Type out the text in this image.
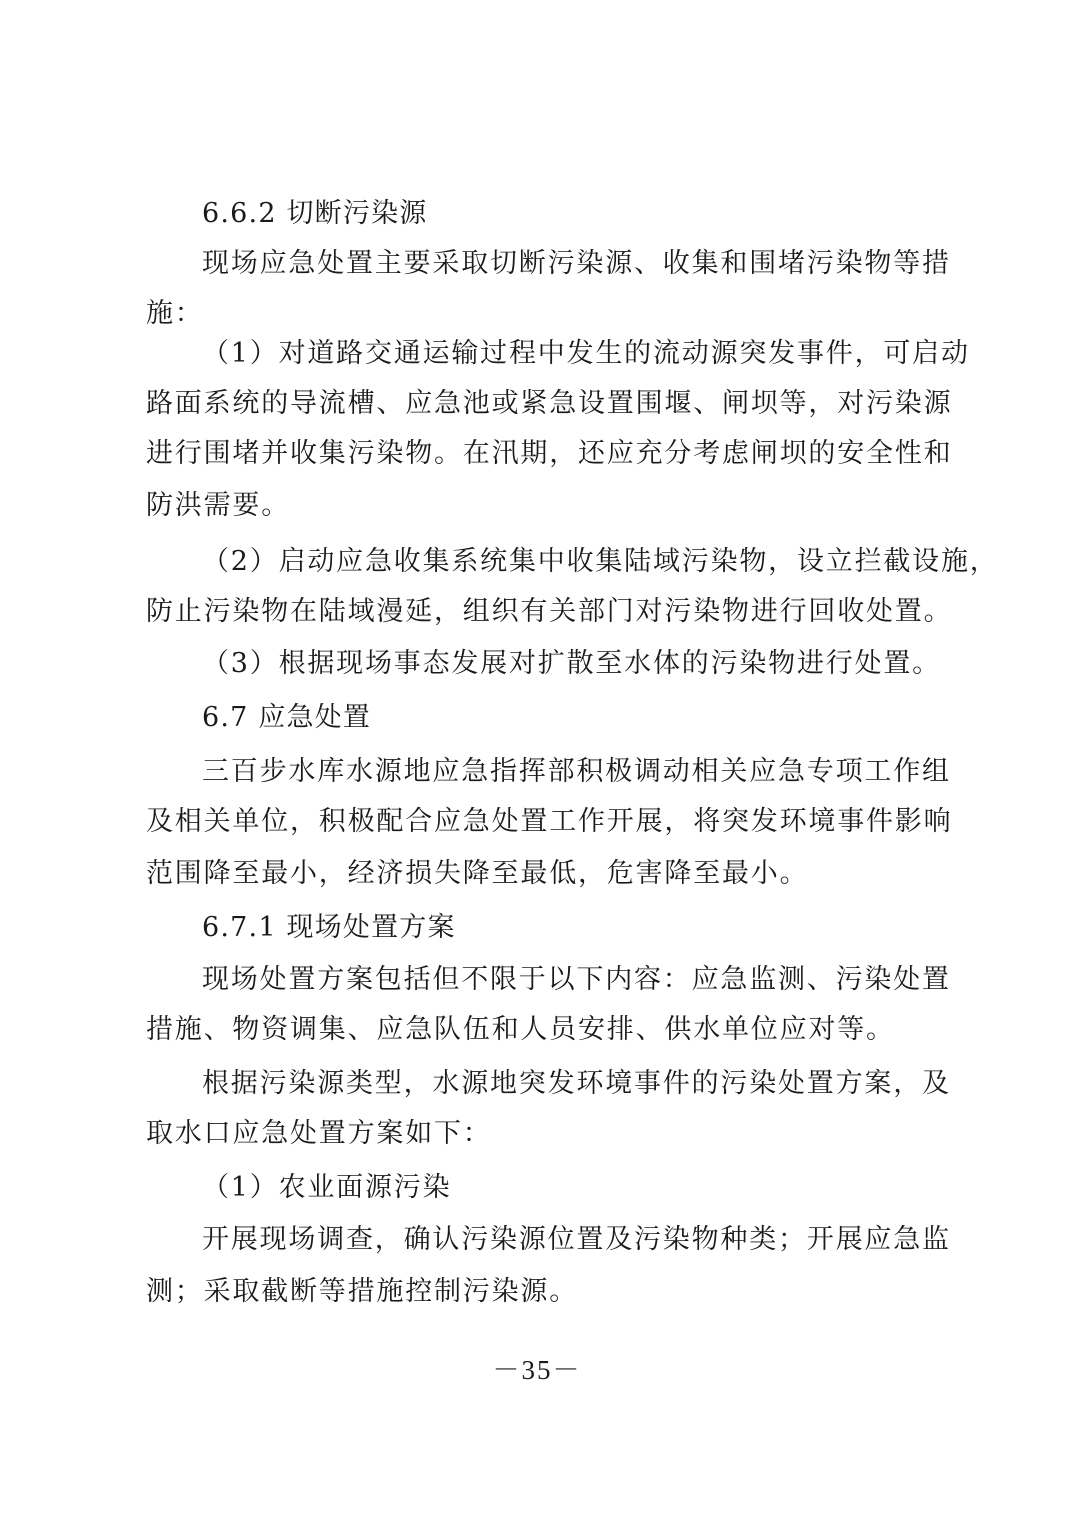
6.6.2 切断污染源
现场应急处置主要采取切断污染源、收集和围堵污染物等措
施：
（1）对道路交通运输过程中发生的流动源突发事件，可启动
路面系统的导流槽、应急池或紧急设置围堰、闸坝等，对污染源
进行围堵并收集污染物。在汛期，还应充分考虑闸坝的安全性和
防洪需要。
（2）启动应急收集系统集中收集陆域污染物，设立拦截设施，
防止污染物在陆域漫延，组织有关部门对污染物进行回收处置。
（3）根据现场事态发展对扩散至水体的污染物进行处置。
6.7 应急处置
三百步水库水源地应急指挥部积极调动相关应急专项工作组
及相关单位，积极配合应急处置工作开展，将突发环境事件影响
范围降至最小，经济损失降至最低，危害降至最小。
6.7.1 现场处置方案
现场处置方案包括但不限于以下内容：应急监测、污染处置
措施、物资调集、应急队伍和人员安排、供水单位应对等。
根据污染源类型，水源地突发环境事件的污染处置方案，及
取水口应急处置方案如下：
（1）农业面源污染
开展现场调查，确认污染源位置及污染物种类；开展应急监
测；采取截断等措施控制污染源。
－35－
